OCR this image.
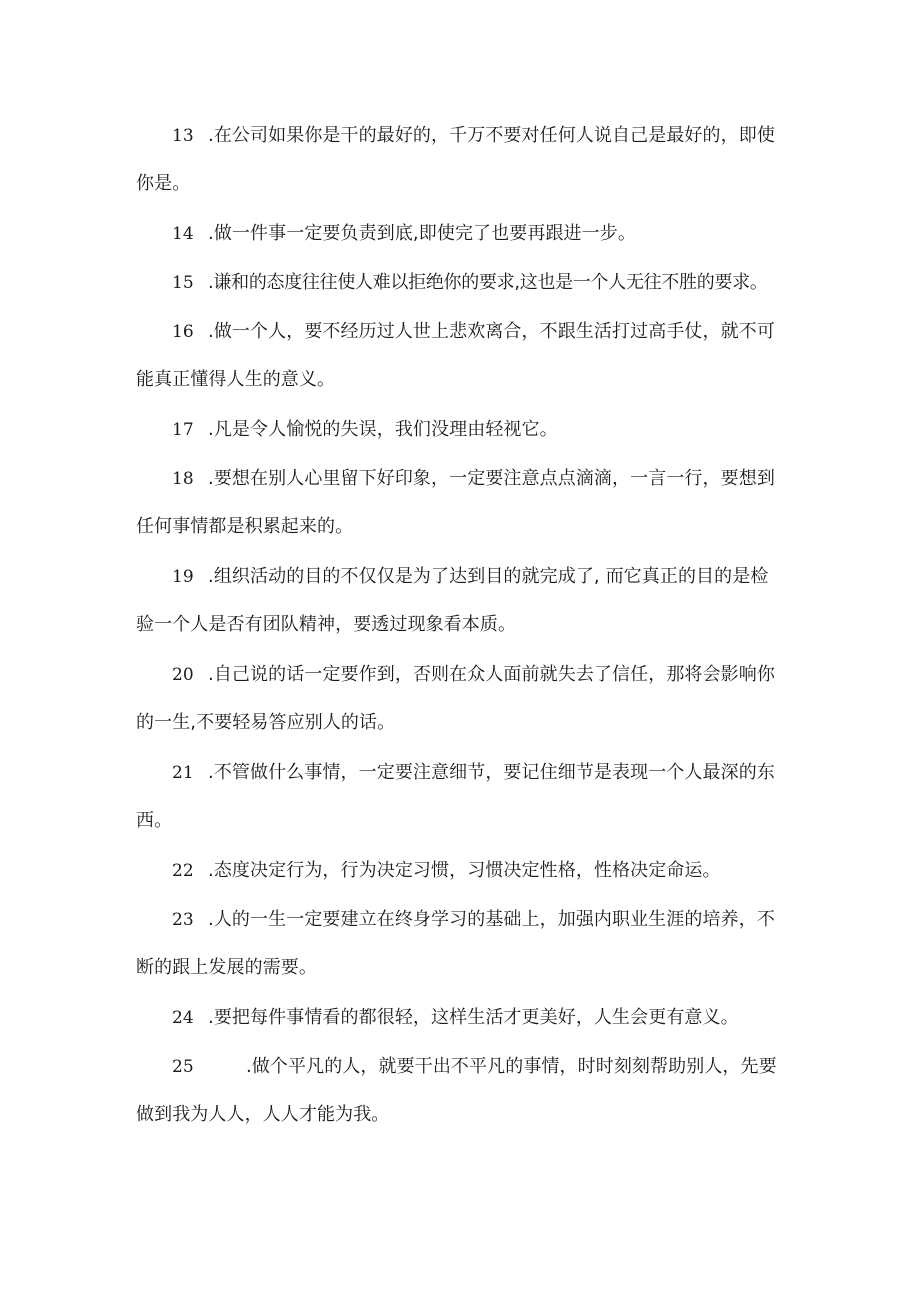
13 .在公司如果你是干的最好的，千万不要对任何人说自己是最好的，即使
你是。
14 .做一件事一定要负责到底,即使完了也要再跟进一步。
15 .谦和的态度往往使人难以拒绝你的要求,这也是一个人无往不胜的要求。
16 .做一个人，要不经历过人世上悲欢离合，不跟生活打过高手仗，就不可
能真正懂得人生的意义。
17 .凡是令人愉悦的失误，我们没理由轻视它。
18 .要想在别人心里留下好印象，一定要注意点点滴滴，一言一行，要想到
任何事情都是积累起来的。
19 .组织活动的目的不仅仅是为了达到目的就完成了, 而它真正的目的是检
验一个人是否有团队精神，要透过现象看本质。
20 .自己说的话一定要作到，否则在众人面前就失去了信任，那将会影响你
的一生,不要轻易答应别人的话。
21 .不管做什么事情，一定要注意细节，要记住细节是表现一个人最深的东
西。
22 .态度决定行为，行为决定习惯，习惯决定性格，性格决定命运。
23 .人的一生一定要建立在终身学习的基础上，加强内职业生涯的培养，不
断的跟上发展的需要。
24 .要把每件事情看的都很轻，这样生活才更美好，人生会更有意义。
25	.做个平凡的人，就要干出不平凡的事情，时时刻刻帮助别人，先要
做到我为人人，人人才能为我。
